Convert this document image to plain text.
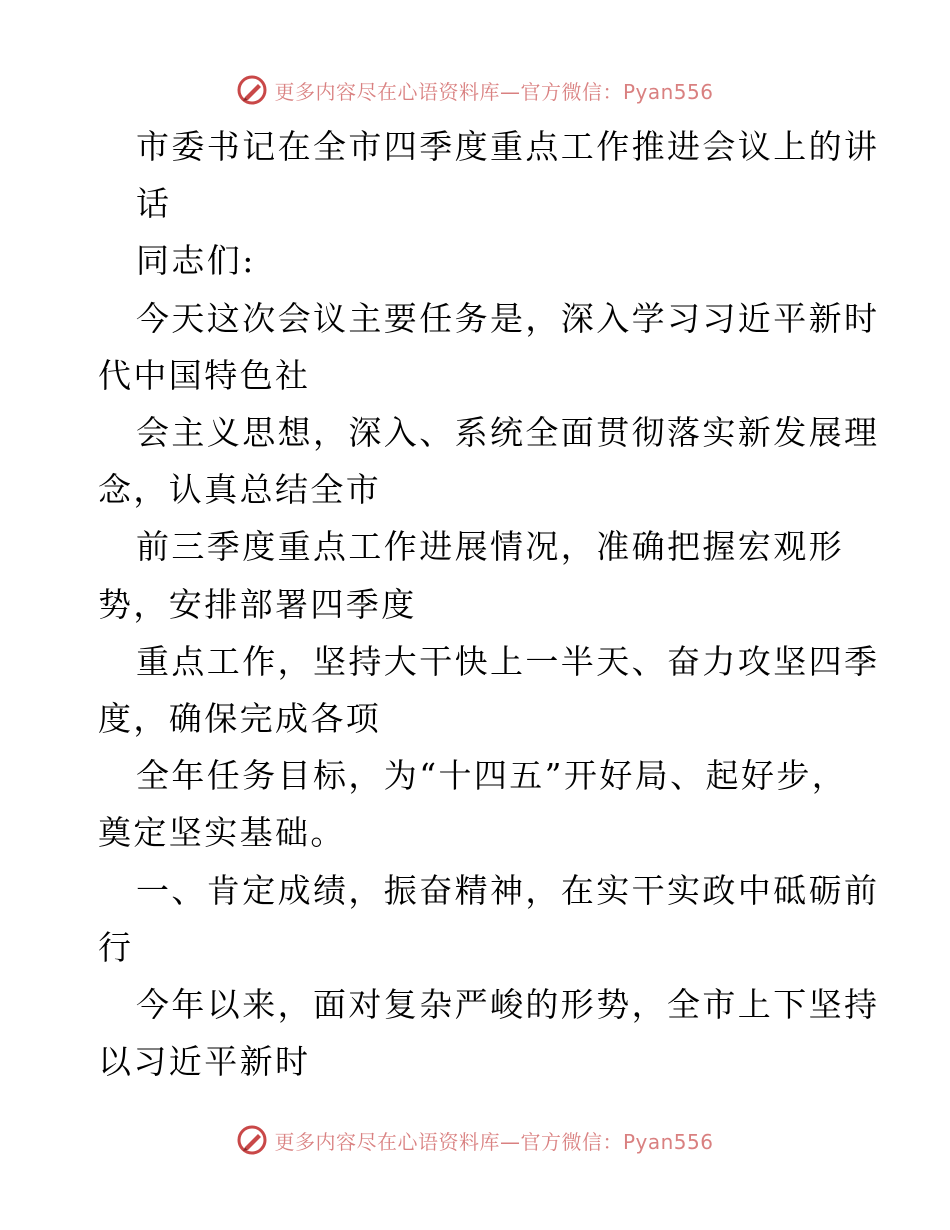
更多内容尽在心语资料库—官方微信：Pyan556
市委书记在全市四季度重点工作推进会议上的讲
话
同志们:
今天这次会议主要任务是，深入学习习近平新时
代中国特色社
会主义思想，深入、系统全面贯彻落实新发展理
念，认真总结全市
前三季度重点工作进展情况，准确把握宏观形
势，安排部署四季度
重点工作，坚持大干快上一半天、奋力攻坚四季
度，确保完成各项
全年任务目标，为“十四五”开好局、起好步，
奠定坚实基础。
一、肯定成绩，振奋精神，在实干实政中砥砺前
行
今年以来，面对复杂严峻的形势，全市上下坚持
以习近平新时
更多内容尽在心语资料库—官方微信：Pyan556
